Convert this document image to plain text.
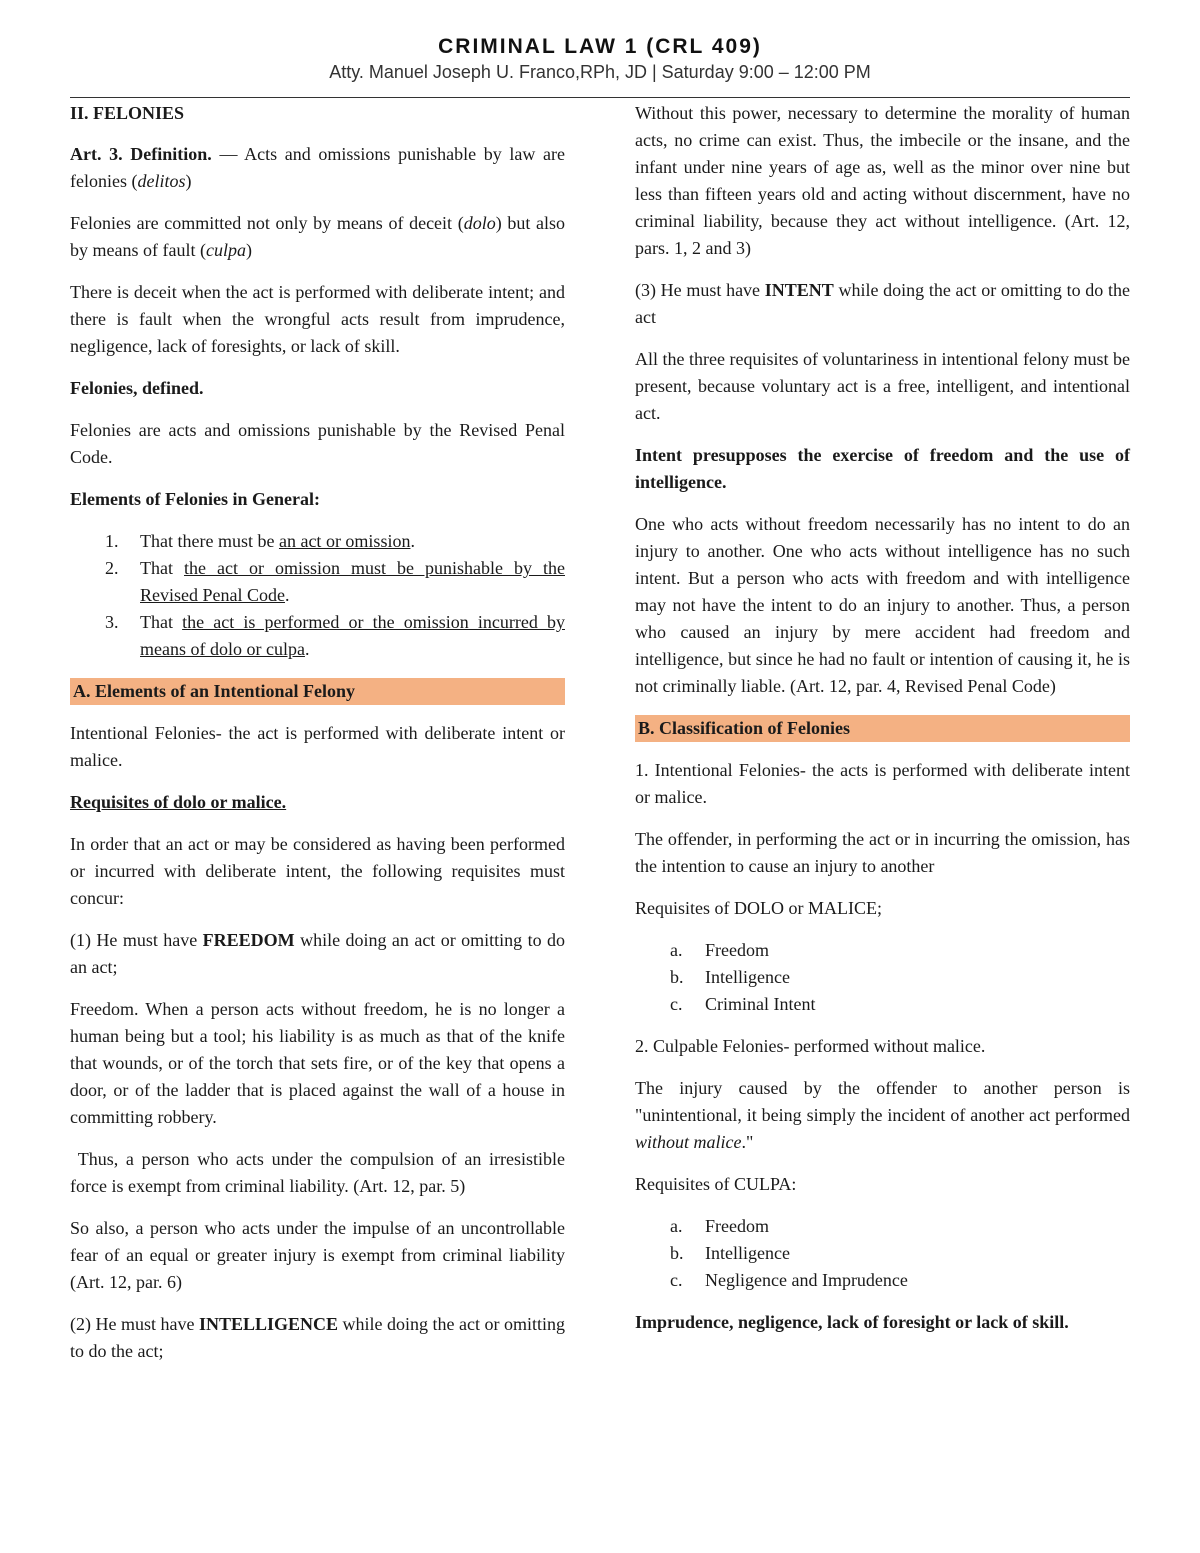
CRIMINAL LAW 1 (CRL 409)
Atty. Manuel Joseph U. Franco,RPh, JD | Saturday 9:00 – 12:00 PM

II. FELONIES

Art. 3. Definition. — Acts and omissions punishable by law are felonies (delitos)

Felonies are committed not only by means of deceit (dolo) but also by means of fault (culpa)

There is deceit when the act is performed with deliberate intent; and there is fault when the wrongful acts result from imprudence, negligence, lack of foresights, or lack of skill.

Felonies, defined.

Felonies are acts and omissions punishable by the Revised Penal Code.

Elements of Felonies in General:

1. That there must be an act or omission.
2. That the act or omission must be punishable by the Revised Penal Code.
3. That the act is performed or the omission incurred by means of dolo or culpa.
A. Elements of an Intentional Felony

Intentional Felonies- the act is performed with deliberate intent or malice.

Requisites of dolo or malice.

In order that an act or may be considered as having been performed or incurred with deliberate intent, the following requisites must concur:

(1) He must have FREEDOM while doing an act or omitting to do an act;

Freedom. When a person acts without freedom, he is no longer a human being but a tool; his liability is as much as that of the knife that wounds, or of the torch that sets fire, or of the key that opens a door, or of the ladder that is placed against the wall of a house in committing robbery.

Thus, a person who acts under the compulsion of an irresistible force is exempt from criminal liability. (Art. 12, par. 5)

So also, a person who acts under the impulse of an uncontrollable fear of an equal or greater injury is exempt from criminal liability (Art. 12, par. 6)

(2) He must have INTELLIGENCE while doing the act or omitting to do the act;

Without this power, necessary to determine the morality of human acts, no crime can exist. Thus, the imbecile or the insane, and the infant under nine years of age as, well as the minor over nine but less than fifteen years old and acting without discernment, have no criminal liability, because they act without intelligence. (Art. 12, pars. 1, 2 and 3)

(3) He must have INTENT while doing the act or omitting to do the act

All the three requisites of voluntariness in intentional felony must be present, because voluntary act is a free, intelligent, and intentional act.

Intent presupposes the exercise of freedom and the use of intelligence.

One who acts without freedom necessarily has no intent to do an injury to another. One who acts without intelligence has no such intent. But a person who acts with freedom and with intelligence may not have the intent to do an injury to another. Thus, a person who caused an injury by mere accident had freedom and intelligence, but since he had no fault or intention of causing it, he is not criminally liable. (Art. 12, par. 4, Revised Penal Code)

B. Classification of Felonies

1. Intentional Felonies- the acts is performed with deliberate intent or malice.

The offender, in performing the act or in incurring the omission, has the intention to cause an injury to another

Requisites of DOLO or MALICE;

a. Freedom
b. Intelligence
c. Criminal Intent

2. Culpable Felonies- performed without malice.

The injury caused by the offender to another person is "unintentional, it being simply the incident of another act performed without malice."

Requisites of CULPA:

a. Freedom
b. Intelligence
c. Negligence and Imprudence

Imprudence, negligence, lack of foresight or lack of skill.
